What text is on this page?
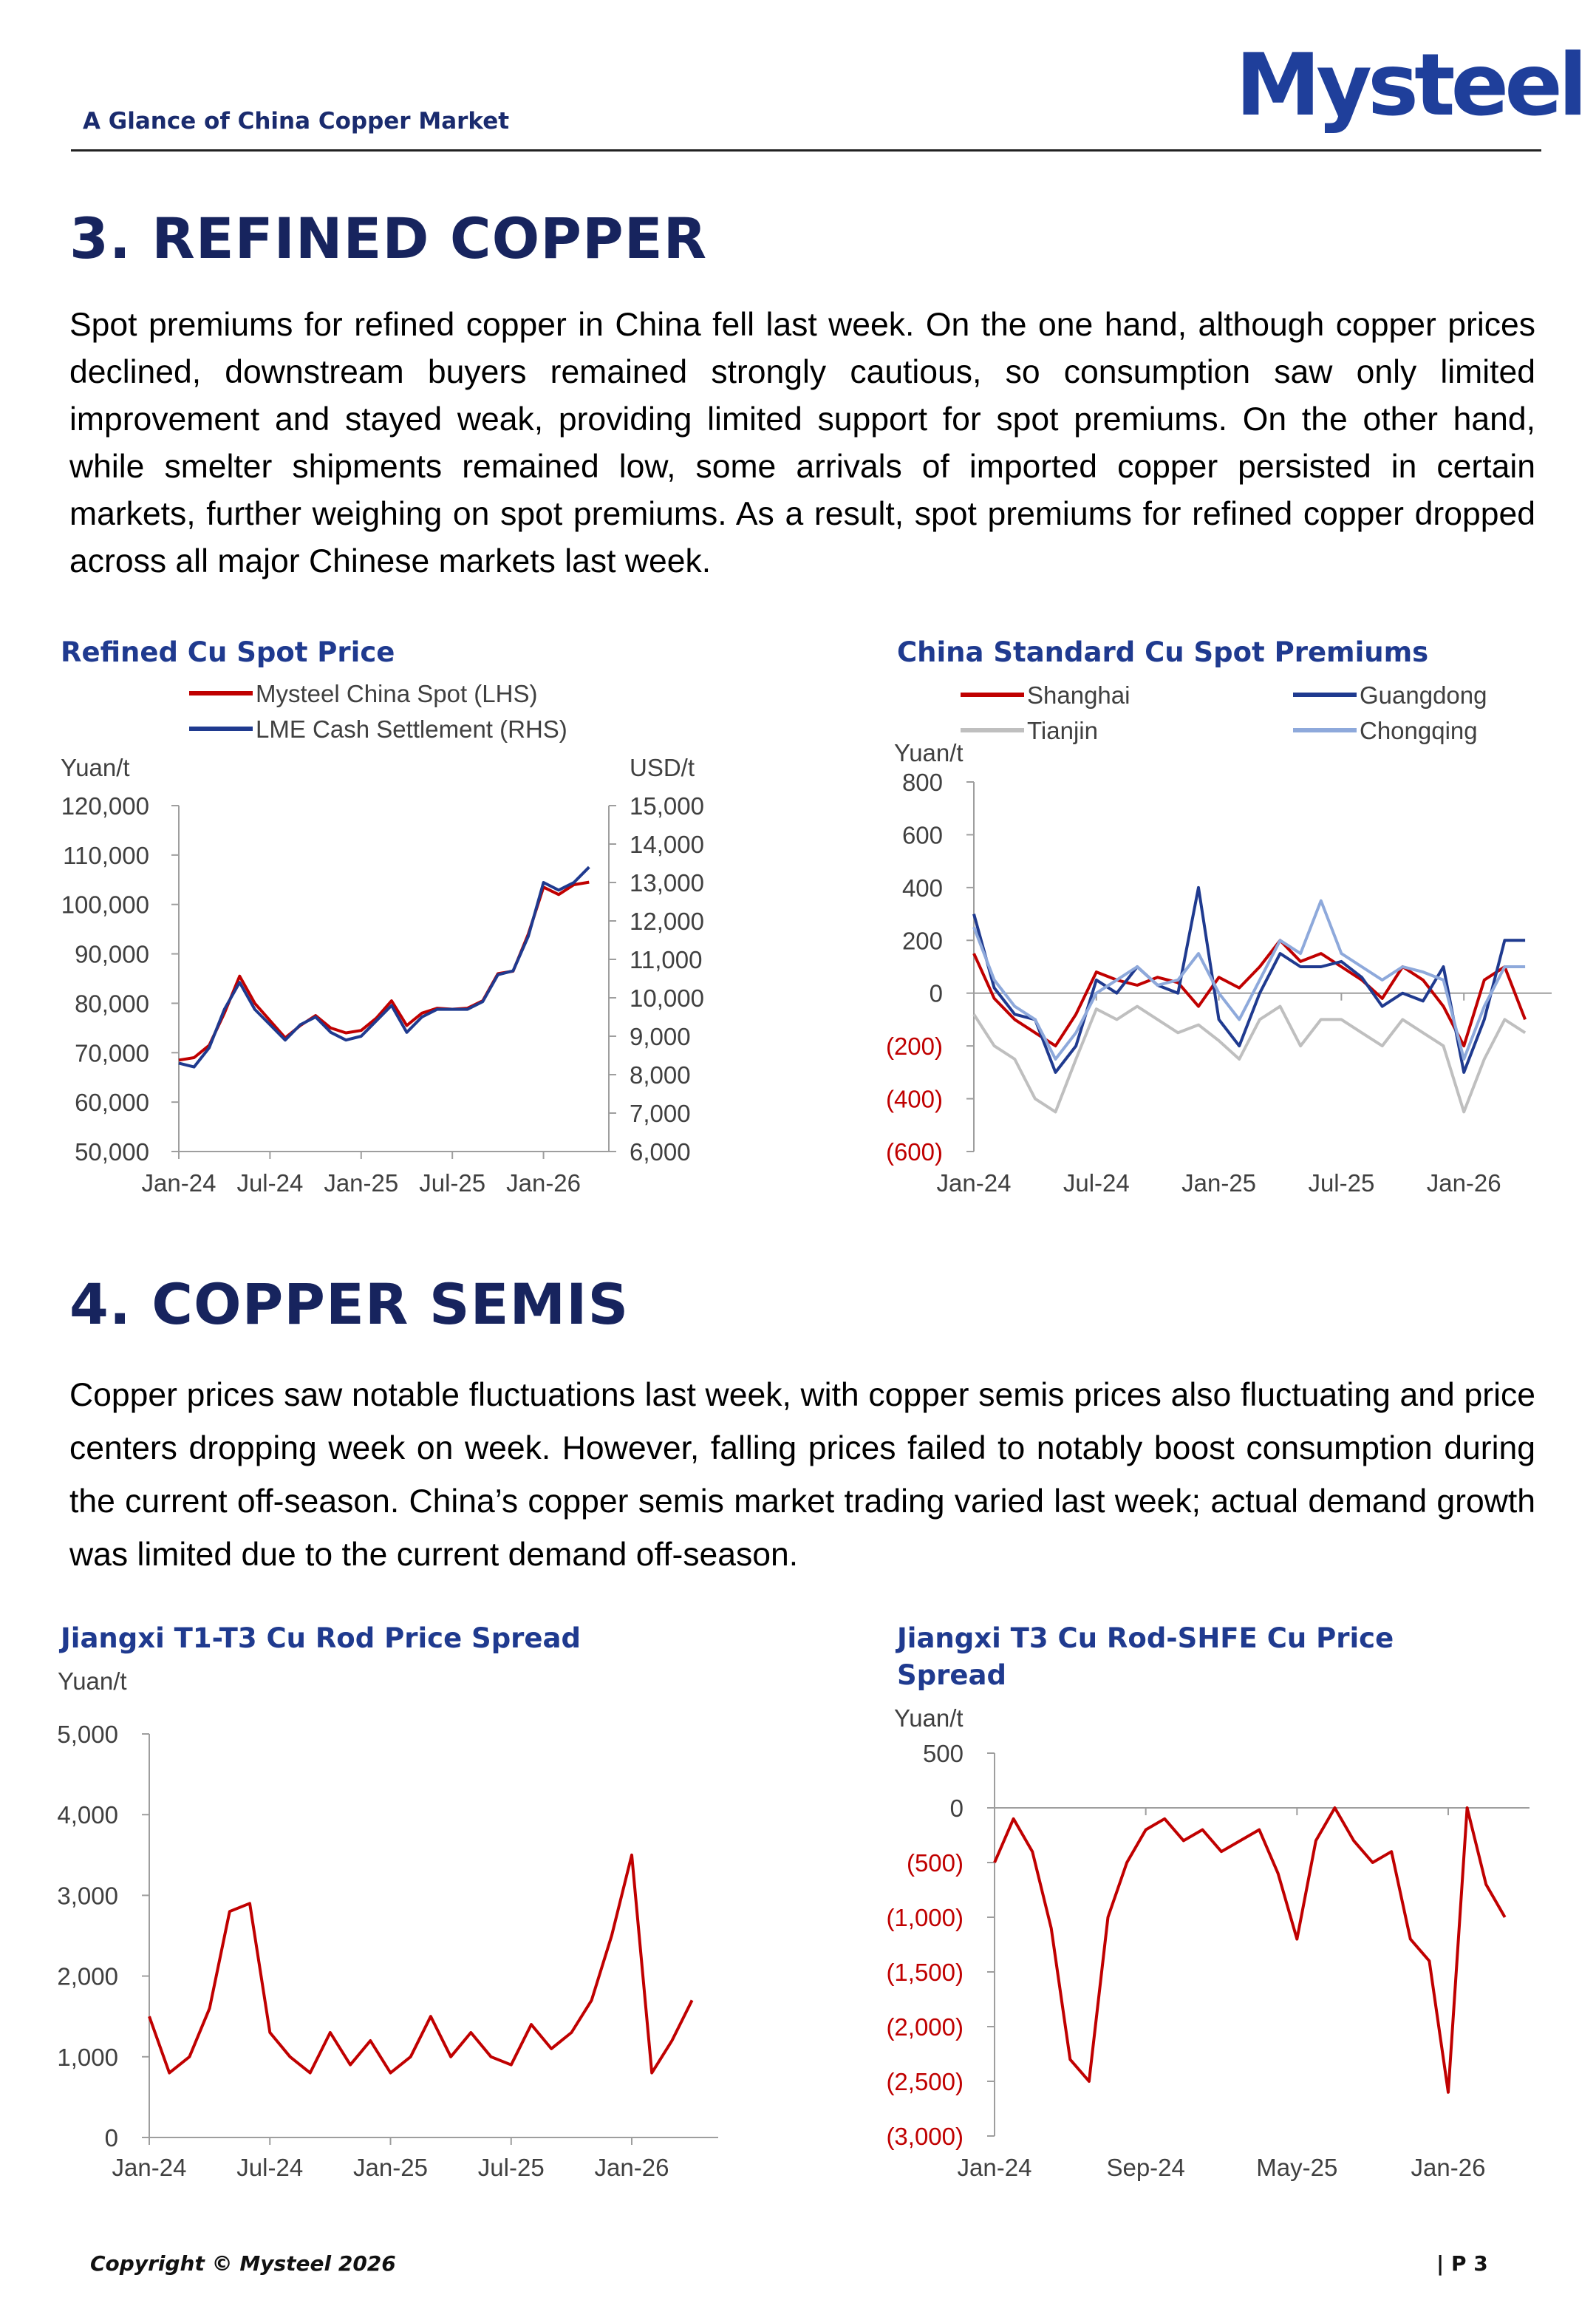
A Glance of China Copper Market	Mysteel
3. REFINED COPPER
Spot premiums for refined copper in China fell last week. On the one hand, although copper prices declined, downstream buyers remained strongly cautious, so consumption saw only limited improvement and stayed weak, providing limited support for spot premiums. On the other hand, while smelter shipments remained low, some arrivals of imported copper persisted in certain markets, further weighing on spot premiums. As a result, spot premiums for refined copper dropped across all major Chinese markets last week.
Refined Cu Spot Price
Yuan/t	USD/t
120,000
110,000
100,000
90,000
80,000
70,000
60,000
50,000
15,000
14,000
13,000
12,000
11,000
10,000
9,000
8,000
7,000
6,000
Jan-24 Jul-24 Jan-25 Jul-25 Jan-26
Mysteel China Spot (LHS)
LME Cash Settlement (RHS)
China Standard Cu Spot Premiums
Yuan/t
800
600
400
200
0
(200)
(400)
(600)
Jan-24 Jul-24 Jan-25 Jul-25 Jan-26
Shanghai	Guangdong
Tianjin	Chongqing
4. COPPER SEMIS
Copper prices saw notable fluctuations last week, with copper semis prices also fluctuating and price centers dropping week on week. However, falling prices failed to notably boost consumption during the current off-season. China’s copper semis market trading varied last week; actual demand growth was limited due to the current demand off-season.
Jiangxi T1-T3 Cu Rod Price Spread
Yuan/t
5,000
4,000
3,000
2,000
1,000
0
Jan-24 Jul-24 Jan-25 Jul-25 Jan-26
Jiangxi T3 Cu Rod-SHFE Cu Price Spread
Yuan/t
500
0
(500)
(1,000)
(1,500)
(2,000)
(2,500)
(3,000)
Jan-24	Sep-24	May-25	Jan-26
Copyright © Mysteel 2026	| P 3
